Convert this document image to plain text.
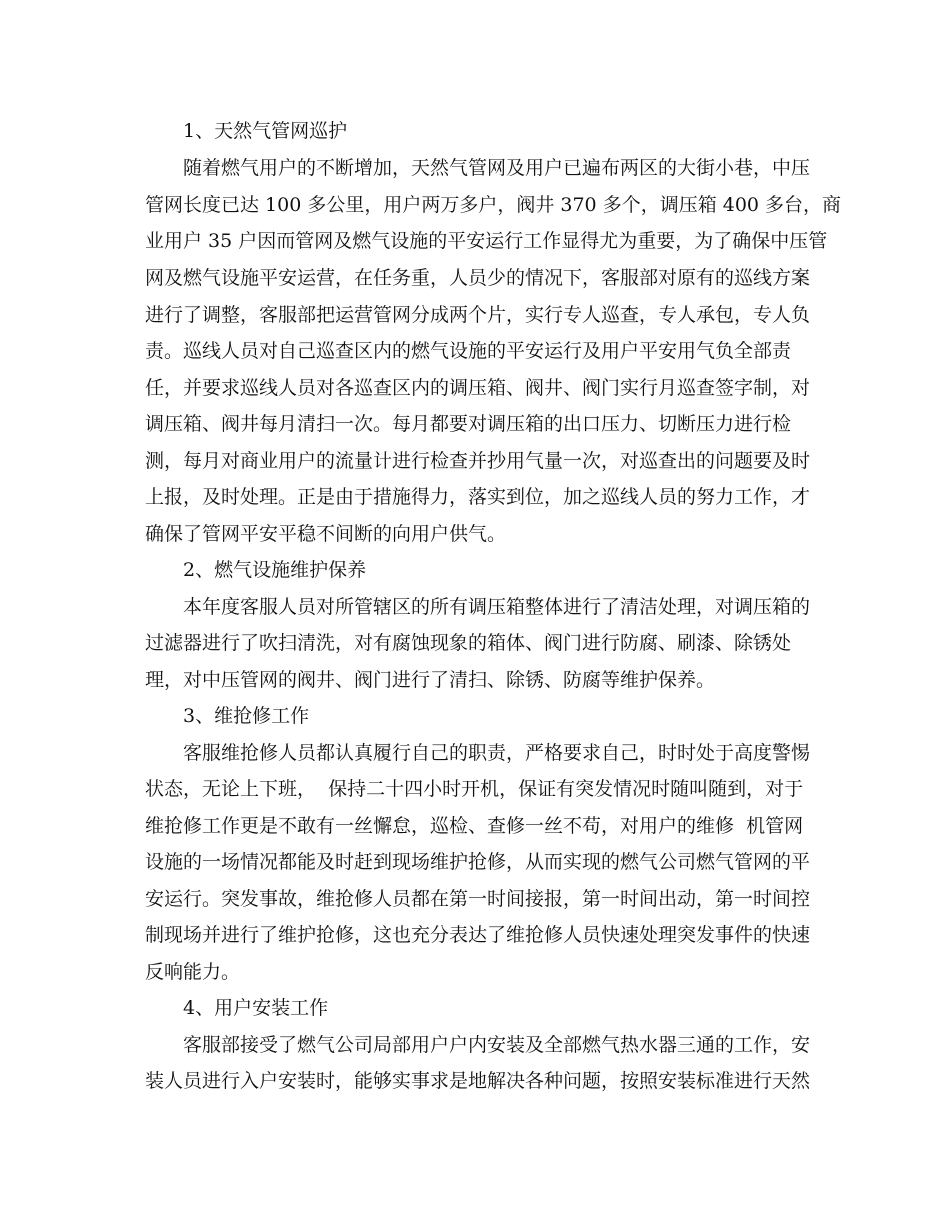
1、天然气管网巡护
随着燃气用户的不断增加，天然气管网及用户已遍布两区的大街小巷，中压
管网长度已达 100 多公里，用户两万多户，阀井 370 多个，调压箱 400 多台，商
业用户 35 户因而管网及燃气设施的平安运行工作显得尤为重要，为了确保中压管
网及燃气设施平安运营，在任务重，人员少的情况下，客服部对原有的巡线方案
进行了调整，客服部把运营管网分成两个片，实行专人巡查，专人承包，专人负
责。巡线人员对自己巡查区内的燃气设施的平安运行及用户平安用气负全部责
任，并要求巡线人员对各巡查区内的调压箱、阀井、阀门实行月巡查签字制，对
调压箱、阀井每月清扫一次。每月都要对调压箱的出口压力、切断压力进行检
测，每月对商业用户的流量计进行检查并抄用气量一次，对巡查出的问题要及时
上报，及时处理。正是由于措施得力，落实到位，加之巡线人员的努力工作，才
确保了管网平安平稳不间断的向用户供气。
2、燃气设施维护保养
本年度客服人员对所管辖区的所有调压箱整体进行了清洁处理，对调压箱的
过滤器进行了吹扫清洗，对有腐蚀现象的箱体、阀门进行防腐、刷漆、除锈处
理，对中压管网的阀井、阀门进行了清扫、除锈、防腐等维护保养。
3、维抢修工作
客服维抢修人员都认真履行自己的职责，严格要求自己，时时处于高度警惕
状态，无论上下班，  保持二十四小时开机，保证有突发情况时随叫随到，对于
维抢修工作更是不敢有一丝懈怠，巡检、查修一丝不苟，对用户的维修  机管网
设施的一场情况都能及时赶到现场维护抢修，从而实现的燃气公司燃气管网的平
安运行。突发事故，维抢修人员都在第一时间接报，第一时间出动，第一时间控
制现场并进行了维护抢修，这也充分表达了维抢修人员快速处理突发事件的快速
反响能力。
4、用户安装工作
客服部接受了燃气公司局部用户户内安装及全部燃气热水器三通的工作，安
装人员进行入户安装时，能够实事求是地解决各种问题，按照安装标准进行天然
